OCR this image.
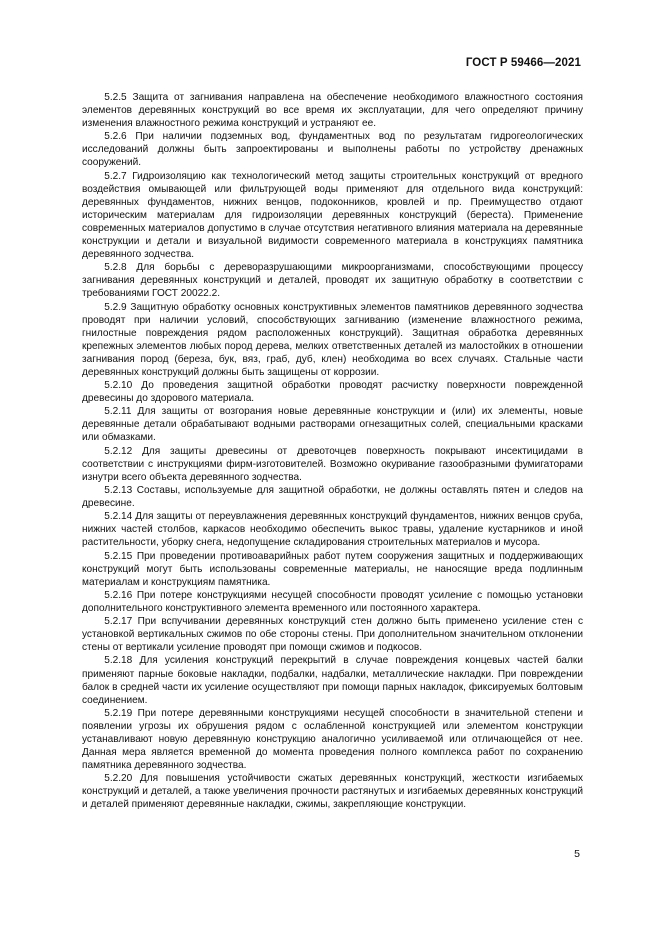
ГОСТ Р 59466—2021

5.2.5 Защита от загнивания направлена на обеспечение необходимого влажностного состояния элементов деревянных конструкций во все время их эксплуатации, для чего определяют причину изменения влажностного режима конструкций и устраняют ее.

5.2.6 При наличии подземных вод, фундаментных вод по результатам гидрогеологических исследований должны быть запроектированы и выполнены работы по устройству дренажных сооружений.

5.2.7 Гидроизоляцию как технологический метод защиты строительных конструкций от вредного воздействия омывающей или фильтрующей воды применяют для отдельного вида конструкций: деревянных фундаментов, нижних венцов, подоконников, кровлей и пр. Преимущество отдают историческим материалам для гидроизоляции деревянных конструкций (береста). Применение современных материалов допустимо в случае отсутствия негативного влияния материала на деревянные конструкции и детали и визуальной видимости современного материала в конструкциях памятника деревянного зодчества.

5.2.8 Для борьбы с дереворазрушающими микроорганизмами, способствующими процессу загнивания деревянных конструкций и деталей, проводят их защитную обработку в соответствии с требованиями ГОСТ 20022.2.

5.2.9 Защитную обработку основных конструктивных элементов памятников деревянного зодчества проводят при наличии условий, способствующих загниванию (изменение влажностного режима, гнилостные повреждения рядом расположенных конструкций). Защитная обработка деревянных крепежных элементов любых пород дерева, мелких ответственных деталей из малостойких в отношении загнивания пород (береза, бук, вяз, граб, дуб, клен) необходима во всех случаях. Стальные части деревянных конструкций должны быть защищены от коррозии.

5.2.10 До проведения защитной обработки проводят расчистку поверхности поврежденной древесины до здорового материала.

5.2.11 Для защиты от возгорания новые деревянные конструкции и (или) их элементы, новые деревянные детали обрабатывают водными растворами огнезащитных солей, специальными красками или обмазками.

5.2.12 Для защиты древесины от древоточцев поверхность покрывают инсектицидами в соответствии с инструкциями фирм-изготовителей. Возможно окуривание газообразными фумигаторами изнутри всего объекта деревянного зодчества.

5.2.13 Составы, используемые для защитной обработки, не должны оставлять пятен и следов на древесине.

5.2.14 Для защиты от переувлажнения деревянных конструкций фундаментов, нижних венцов сруба, нижних частей столбов, каркасов необходимо обеспечить выкос травы, удаление кустарников и иной растительности, уборку снега, недопущение складирования строительных материалов и мусора.

5.2.15 При проведении противоаварийных работ путем сооружения защитных и поддерживающих конструкций могут быть использованы современные материалы, не наносящие вреда подлинным материалам и конструкциям памятника.

5.2.16 При потере конструкциями несущей способности проводят усиление с помощью установки дополнительного конструктивного элемента временного или постоянного характера.

5.2.17 При вспучивании деревянных конструкций стен должно быть применено усиление стен с установкой вертикальных сжимов по обе стороны стены. При дополнительном значительном отклонении стены от вертикали усиление проводят при помощи сжимов и подкосов.

5.2.18 Для усиления конструкций перекрытий в случае повреждения концевых частей балки применяют парные боковые накладки, подбалки, надбалки, металлические накладки. При повреждении балок в средней части их усиление осуществляют при помощи парных накладок, фиксируемых болтовым соединением.

5.2.19 При потере деревянными конструкциями несущей способности в значительной степени и появлении угрозы их обрушения рядом с ослабленной конструкцией или элементом конструкции устанавливают новую деревянную конструкцию аналогично усиливаемой или отличающейся от нее. Данная мера является временной до момента проведения полного комплекса работ по сохранению памятника деревянного зодчества.

5.2.20 Для повышения устойчивости сжатых деревянных конструкций, жесткости изгибаемых конструкций и деталей, а также увеличения прочности растянутых и изгибаемых деревянных конструкций и деталей применяют деревянные накладки, сжимы, закрепляющие конструкции.

5
